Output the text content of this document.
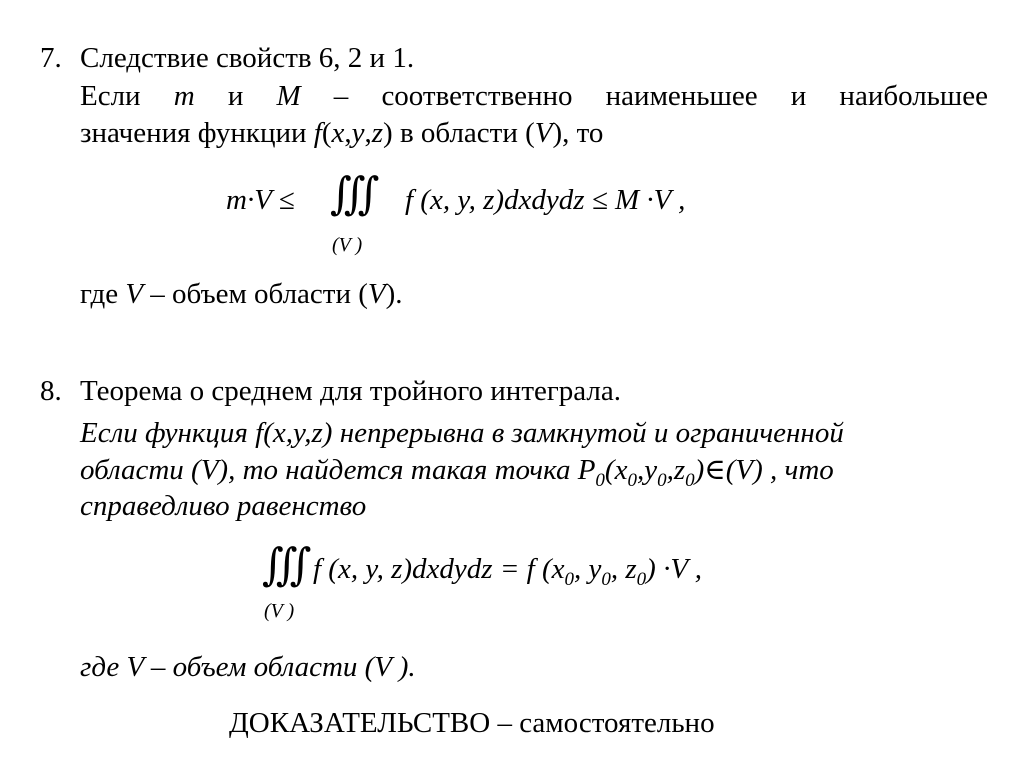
7. Следствие свойств 6, 2 и 1.
Если m и M – соответственно наименьшее и наибольшее
значения функции f(x,y,z) в области (V), то
m·V ≤ ∭ f (x, y, z)dxdydz ≤ M ·V ,
(V )
где V – объем области (V).
8. Теорема о среднем для тройного интеграла.
Если функция f(x,y,z) непрерывна в замкнутой и ограниченной
области (V), то найдется такая точка $P_0(x_0,y_0,z_0)\in(V)$ , что
справедливо равенство
∭ f (x, y, z)dxdydz = f ($x_0$, $y_0$, $z_0) \cdot V$ ,
(V )
где V – объем области (V ).
ДОКАЗАТЕЛЬСТВО – самостоятельно
